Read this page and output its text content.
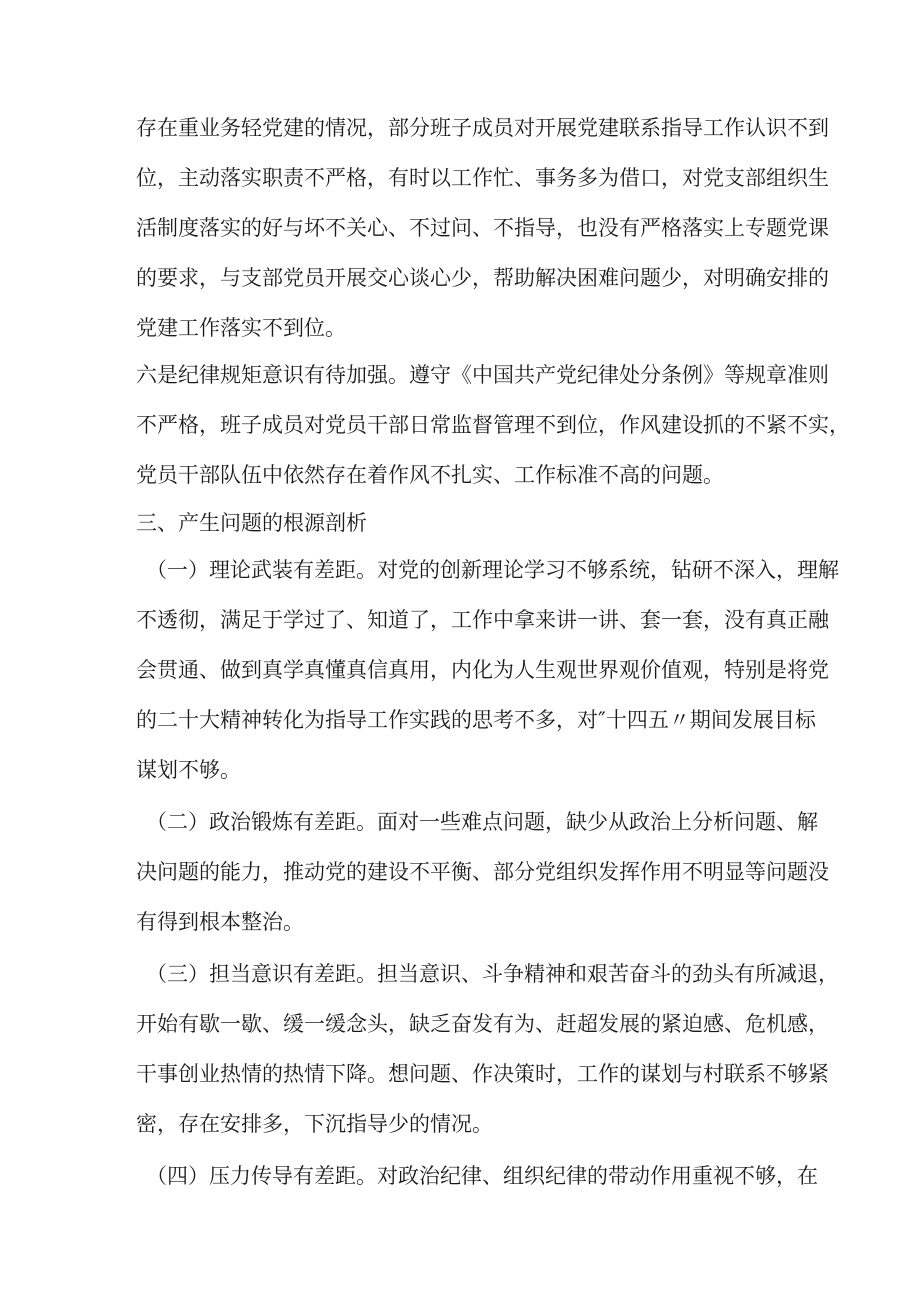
存在重业务轻党建的情况，部分班子成员对开展党建联系指导工作认识不到
位，主动落实职责不严格，有时以工作忙、事务多为借口，对党支部组织生
活制度落实的好与坏不关心、不过问、不指导，也没有严格落实上专题党课
的要求，与支部党员开展交心谈心少，帮助解决困难问题少，对明确安排的
党建工作落实不到位。
六是纪律规矩意识有待加强。遵守《中国共产党纪律处分条例》等规章准则
不严格，班子成员对党员干部日常监督管理不到位，作风建设抓的不紧不实，
党员干部队伍中依然存在着作风不扎实、工作标准不高的问题。
三、产生问题的根源剖析
（一）理论武装有差距。对党的创新理论学习不够系统，钻研不深入，理解
不透彻，满足于学过了、知道了，工作中拿来讲一讲、套一套，没有真正融
会贯通、做到真学真懂真信真用，内化为人生观世界观价值观，特别是将党
的二十大精神转化为指导工作实践的思考不多，对″十四五〃期间发展目标
谋划不够。
（二）政治锻炼有差距。面对一些难点问题，缺少从政治上分析问题、解
决问题的能力，推动党的建设不平衡、部分党组织发挥作用不明显等问题没
有得到根本整治。
（三）担当意识有差距。担当意识、斗争精神和艰苦奋斗的劲头有所减退，
开始有歇一歇、缓一缓念头，缺乏奋发有为、赶超发展的紧迫感、危机感，
干事创业热情的热情下降。想问题、作决策时，工作的谋划与村联系不够紧
密，存在安排多，下沉指导少的情况。
（四）压力传导有差距。对政治纪律、组织纪律的带动作用重视不够，在
